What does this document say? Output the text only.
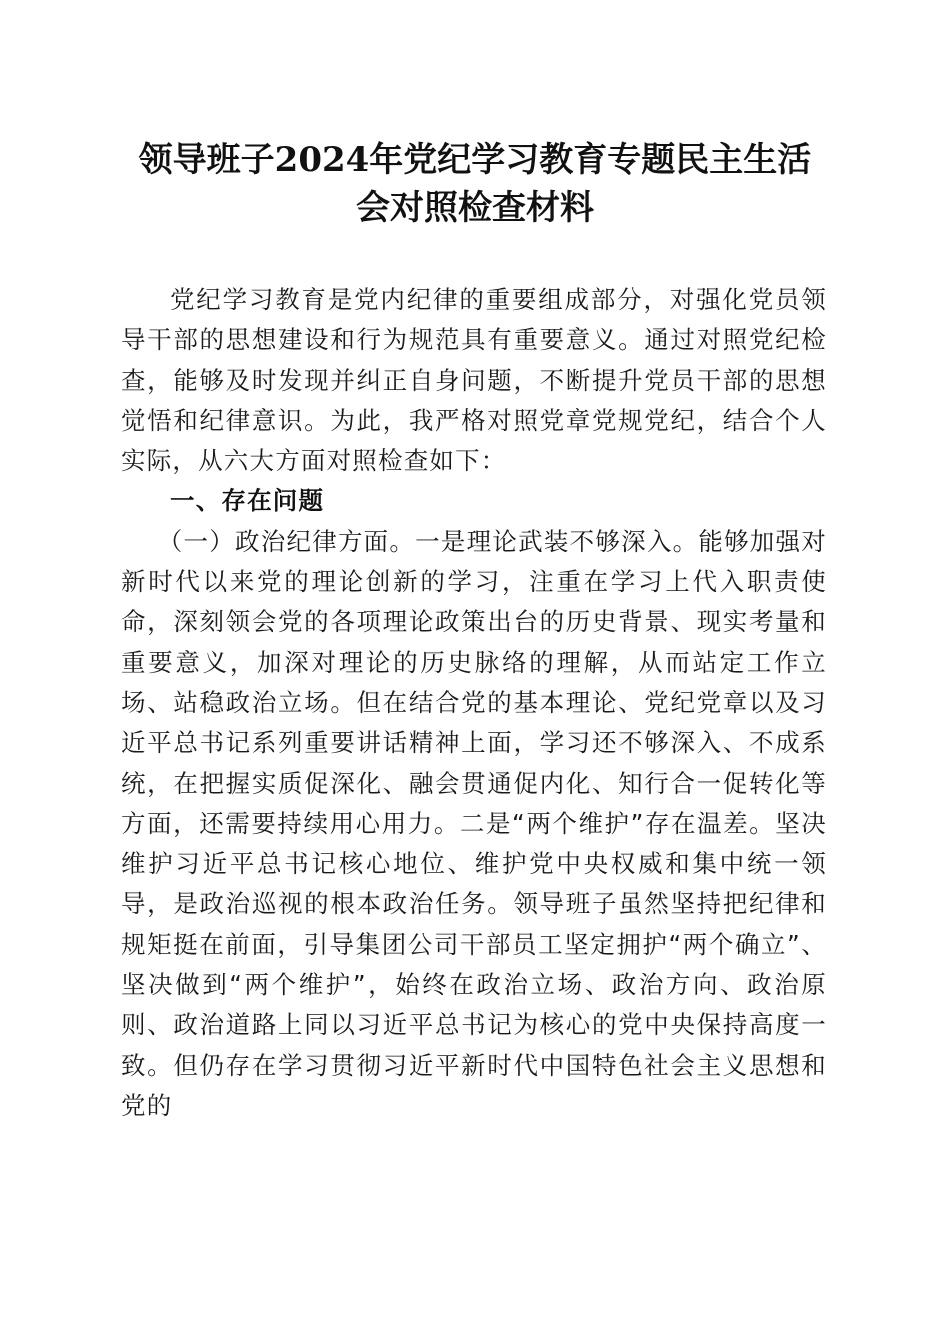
领导班子2024年党纪学习教育专题民主生活
会对照检查材料

党纪学习教育是党内纪律的重要组成部分，对强化党员领导干部的思想建设和行为规范具有重要意义。通过对照党纪检查，能够及时发现并纠正自身问题，不断提升党员干部的思想觉悟和纪律意识。为此，我严格对照党章党规党纪，结合个人实际，从六大方面对照检查如下：

一、存在问题

（一）政治纪律方面。一是理论武装不够深入。能够加强对新时代以来党的理论创新的学习，注重在学习上代入职责使命，深刻领会党的各项理论政策出台的历史背景、现实考量和重要意义，加深对理论的历史脉络的理解，从而站定工作立场、站稳政治立场。但在结合党的基本理论、党纪党章以及习近平总书记系列重要讲话精神上面，学习还不够深入、不成系统，在把握实质促深化、融会贯通促内化、知行合一促转化等方面，还需要持续用心用力。二是“两个维护”存在温差。坚决维护习近平总书记核心地位、维护党中央权威和集中统一领导，是政治巡视的根本政治任务。领导班子虽然坚持把纪律和规矩挺在前面，引导集团公司干部员工坚定拥护“两个确立”、坚决做到“两个维护”，始终在政治立场、政治方向、政治原则、政治道路上同以习近平总书记为核心的党中央保持高度一致。但仍存在学习贯彻习近平新时代中国特色社会主义思想和党的
